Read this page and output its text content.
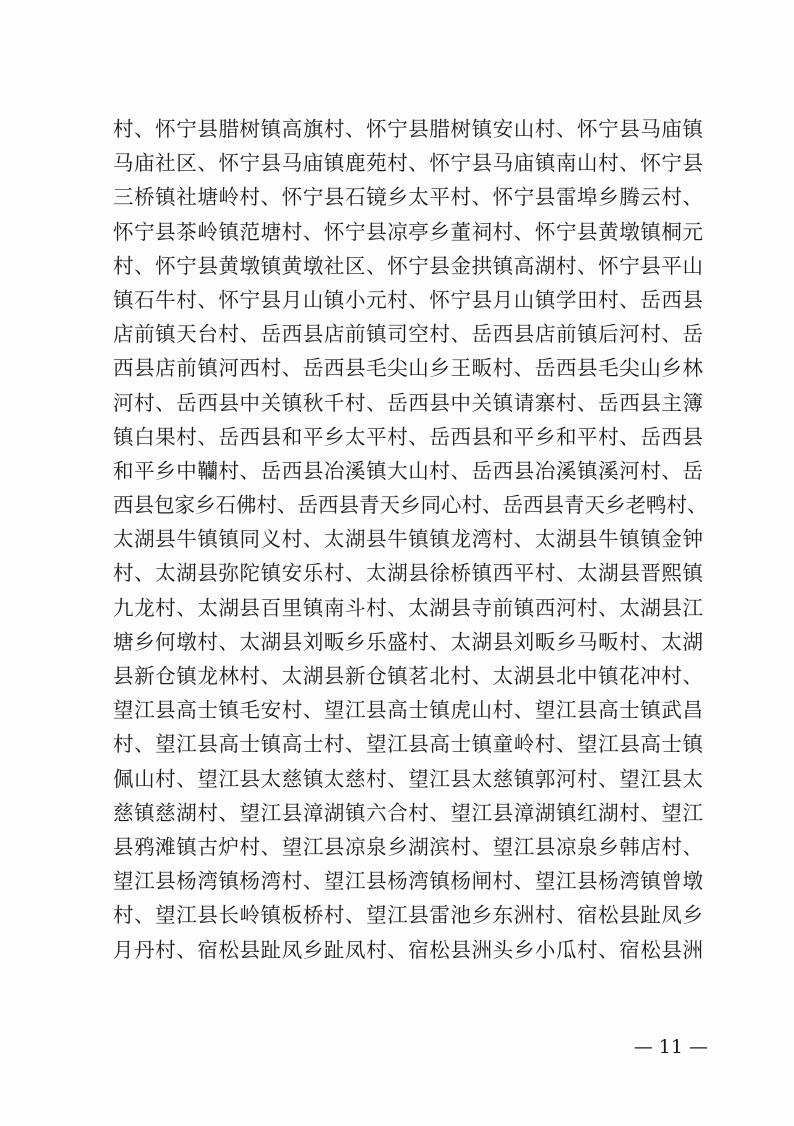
村、怀宁县腊树镇高旗村、怀宁县腊树镇安山村、怀宁县马庙镇
马庙社区、怀宁县马庙镇鹿苑村、怀宁县马庙镇南山村、怀宁县
三桥镇社塘岭村、怀宁县石镜乡太平村、怀宁县雷埠乡腾云村、
怀宁县茶岭镇范塘村、怀宁县凉亭乡董祠村、怀宁县黄墩镇桐元
村、怀宁县黄墩镇黄墩社区、怀宁县金拱镇高湖村、怀宁县平山
镇石牛村、怀宁县月山镇小元村、怀宁县月山镇学田村、岳西县
店前镇天台村、岳西县店前镇司空村、岳西县店前镇后河村、岳
西县店前镇河西村、岳西县毛尖山乡王畈村、岳西县毛尖山乡林
河村、岳西县中关镇秋千村、岳西县中关镇请寨村、岳西县主簿
镇白果村、岳西县和平乡太平村、岳西县和平乡和平村、岳西县
和平乡中韊村、岳西县冶溪镇大山村、岳西县冶溪镇溪河村、岳
西县包家乡石佛村、岳西县青天乡同心村、岳西县青天乡老鸭村、
太湖县牛镇镇同义村、太湖县牛镇镇龙湾村、太湖县牛镇镇金钟
村、太湖县弥陀镇安乐村、太湖县徐桥镇西平村、太湖县晋熙镇
九龙村、太湖县百里镇南斗村、太湖县寺前镇西河村、太湖县江
塘乡何墩村、太湖县刘畈乡乐盛村、太湖县刘畈乡马畈村、太湖
县新仓镇龙林村、太湖县新仓镇茗北村、太湖县北中镇花冲村、
望江县高士镇毛安村、望江县高士镇虎山村、望江县高士镇武昌
村、望江县高士镇高士村、望江县高士镇童岭村、望江县高士镇
佩山村、望江县太慈镇太慈村、望江县太慈镇郭河村、望江县太
慈镇慈湖村、望江县漳湖镇六合村、望江县漳湖镇红湖村、望江
县鸦滩镇古炉村、望江县凉泉乡湖滨村、望江县凉泉乡韩店村、
望江县杨湾镇杨湾村、望江县杨湾镇杨闸村、望江县杨湾镇曾墩
村、望江县长岭镇板桥村、望江县雷池乡东洲村、宿松县趾凤乡
月丹村、宿松县趾凤乡趾凤村、宿松县洲头乡小瓜村、宿松县洲
— 11 —
